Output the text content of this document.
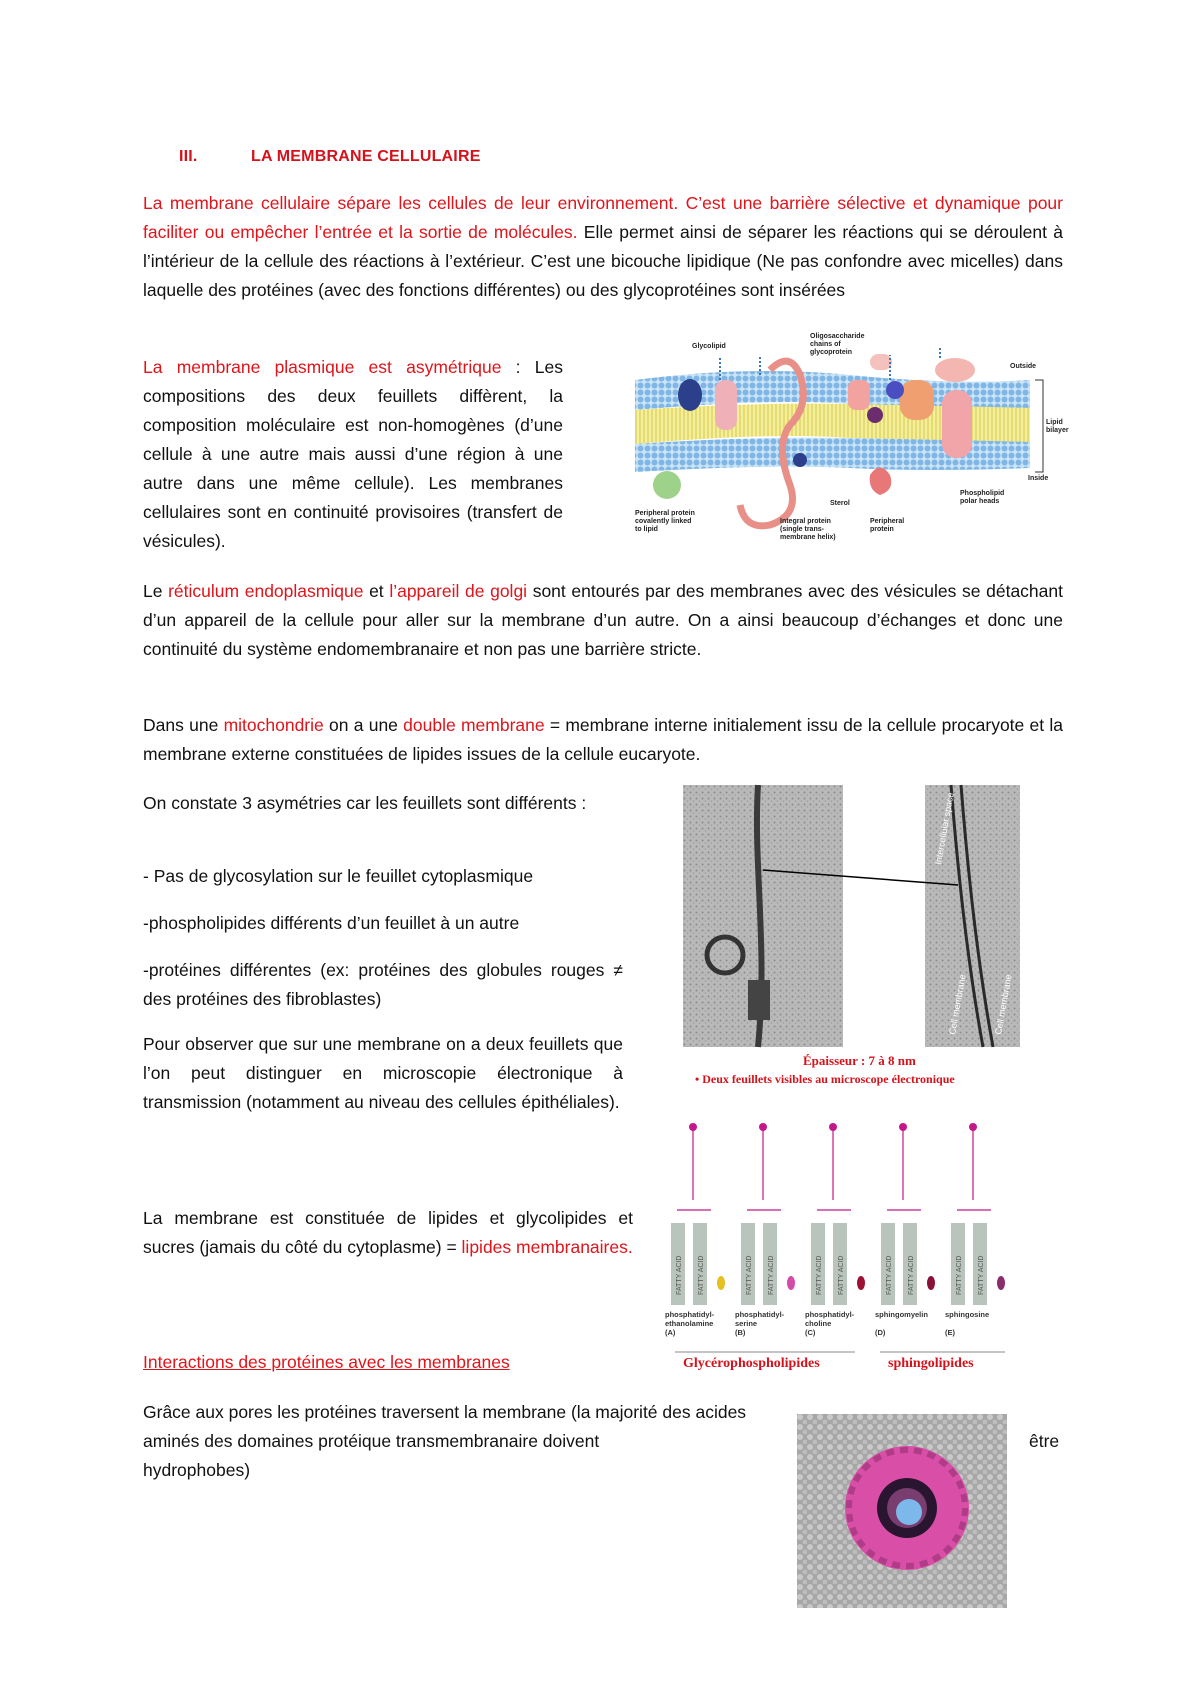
III.	LA MEMBRANE CELLULAIRE
La membrane cellulaire sépare les cellules de leur environnement. C’est une barrière sélective et dynamique pour faciliter ou empêcher l’entrée et la sortie de molécules. Elle permet ainsi de séparer les réactions qui se déroulent à l’intérieur de la cellule des réactions à l’extérieur. C’est une bicouche lipidique (Ne pas confondre avec micelles) dans laquelle des protéines (avec des fonctions différentes) ou des glycoprotéines sont insérées
La membrane plasmique est asymétrique : Les compositions des deux feuillets diffèrent, la composition moléculaire est non-homogènes (d’une cellule à une autre mais aussi d’une région à une autre dans une même cellule). Les membranes cellulaires sont en continuité provisoires (transfert de vésicules).
Glycolipid
Oligosaccharide
chains of
glycoprotein
Outside
Lipid
bilayer
Inside
Peripheral protein
covalently linked
to lipid
Sterol
Integral protein
(single trans-
membrane helix)
Peripheral
protein
Phospholipid
polar heads
Le réticulum endoplasmique et l’appareil de golgi sont entourés par des membranes avec des vésicules se détachant d’un appareil de la cellule pour aller sur la membrane d’un autre. On a ainsi beaucoup d’échanges et donc une continuité du système endomembranaire et non pas une barrière stricte.
Dans une mitochondrie on a une double membrane = membrane interne initialement issu de la cellule procaryote et la membrane externe constituées de lipides issues de la cellule eucaryote.
On constate 3 asymétries car les feuillets sont différents :
- Pas de glycosylation sur le feuillet cytoplasmique
-phospholipides différents d’un feuillet à un autre
-protéines différentes (ex: protéines des globules rouges ≠ des protéines des fibroblastes)
Pour observer que sur une membrane on a deux feuillets que l’on peut distinguer en microscopie électronique à transmission (notamment au niveau des cellules épithéliales).
Intercellular space
Cell membrane	Cell membrane
Épaisseur : 7 à 8 nm
• Deux feuillets visibles au microscope électronique
La membrane est constituée de lipides et glycolipides et sucres (jamais du côté du cytoplasme) = lipides membranaires.
FATTY ACID FATTY ACID
phosphatidyl-
ethanolamine
(A)
FATTY ACID FATTY ACID
phosphatidyl-
serine
(B)
FATTY ACID FATTY ACID
phosphatidyl-
choline
(C)
FATTY ACID FATTY ACID
sphingomyelin
(D)
FATTY ACID FATTY ACID
sphingosine
(E)
Glycérophospholipides	sphingolipides
Interactions des protéines avec les membranes
Grâce aux pores les protéines traversent la membrane (la majorité des acides aminés des domaines protéique transmembranaire doivent	être
hydrophobes)
